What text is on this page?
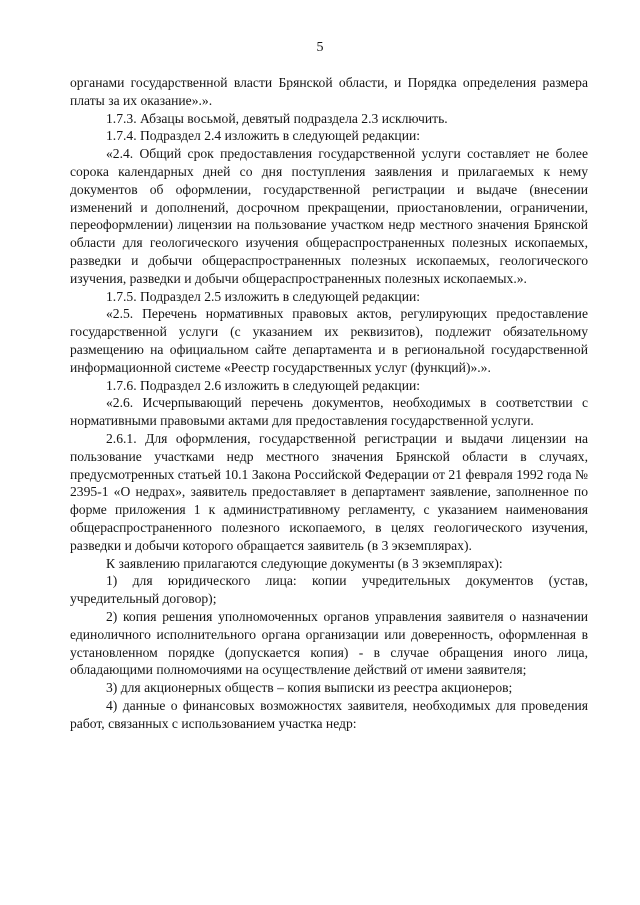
5

органами государственной власти Брянской области, и Порядка определения размера платы за их оказание».».

1.7.3. Абзацы восьмой, девятый подраздела 2.3 исключить.

1.7.4. Подраздел 2.4 изложить в следующей редакции:

«2.4. Общий срок предоставления государственной услуги составляет не более сорока календарных дней со дня поступления заявления и прилагаемых к нему документов об оформлении, государственной регистрации и выдаче (внесении изменений и дополнений, досрочном прекращении, приостановлении, ограничении, переоформлении) лицензии на пользование участком недр местного значения Брянской области для геологического изучения общераспространенных полезных ископаемых, разведки и добычи общераспространенных полезных ископаемых, геологического изучения, разведки и добычи общераспространенных полезных ископаемых.».

1.7.5. Подраздел 2.5 изложить в следующей редакции:

«2.5. Перечень нормативных правовых актов, регулирующих предоставление государственной услуги (с указанием их реквизитов), подлежит обязательному размещению на официальном сайте департамента и в региональной государственной информационной системе «Реестр государственных услуг (функций)».».

1.7.6. Подраздел 2.6 изложить в следующей редакции:

«2.6. Исчерпывающий перечень документов, необходимых в соответствии с нормативными правовыми актами для предоставления государственной услуги.

2.6.1. Для оформления, государственной регистрации и выдачи лицензии на пользование участками недр местного значения Брянской области в случаях, предусмотренных статьей 10.1 Закона Российской Федерации от 21 февраля 1992 года № 2395-1 «О недрах», заявитель предоставляет в департамент заявление, заполненное по форме приложения 1 к административному регламенту, с указанием наименования общераспространенного полезного ископаемого, в целях геологического изучения, разведки и добычи которого обращается заявитель (в 3 экземплярах).

К заявлению прилагаются следующие документы (в 3 экземплярах):

1) для юридического лица: копии учредительных документов (устав, учредительный договор);

2) копия решения уполномоченных органов управления заявителя о назначении единоличного исполнительного органа организации или доверенность, оформленная в установленном порядке (допускается копия) - в случае обращения иного лица, обладающими полномочиями на осуществление действий от имени заявителя;

3) для акционерных обществ – копия выписки из реестра акционеров;

4) данные о финансовых возможностях заявителя, необходимых для проведения работ, связанных с использованием участка недр:
